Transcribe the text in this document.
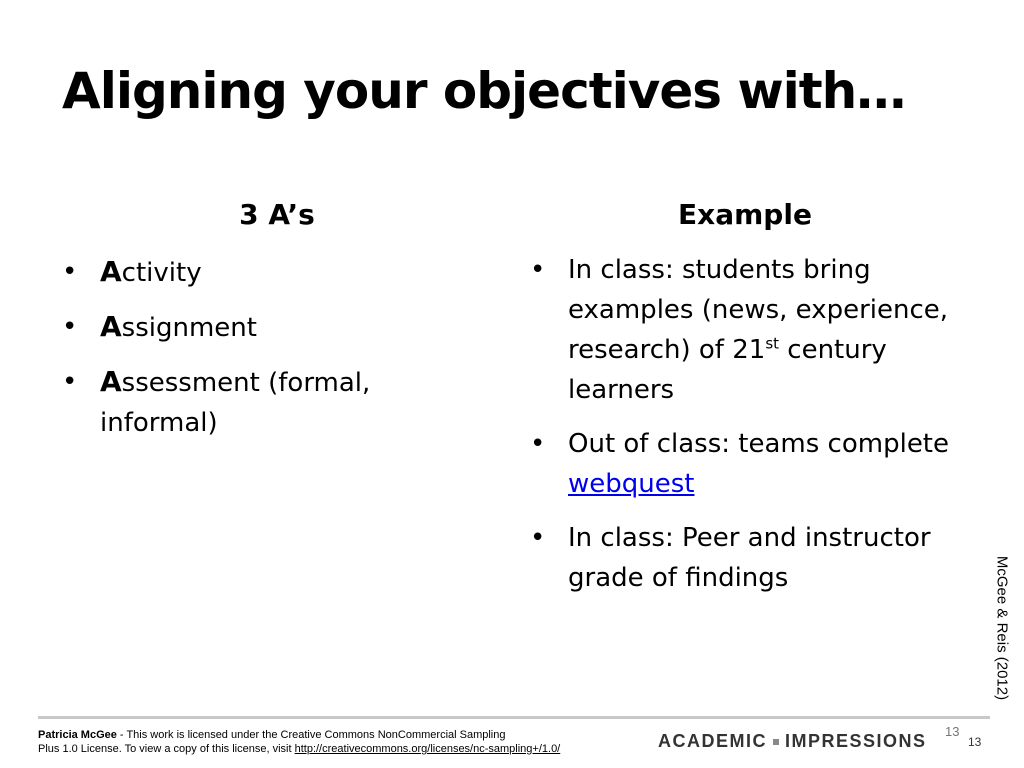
Aligning your objectives with…
3 A’s	Example
• Activity
• Assignment
• Assessment (formal, informal)
• In class: students bring examples (news, experience, research) of 21st century learners
• Out of class: teams complete webquest
• In class: Peer and instructor grade of findings	McGee & Reis (2012)
Patricia McGee - This work is licensed under the Creative Commons NonCommercial Sampling
Plus 1.0 License. To view a copy of this license, visit http://creativecommons.org/licenses/nc-sampling+/1.0/	ACADEMIC IMPRESSIONS 13
13
